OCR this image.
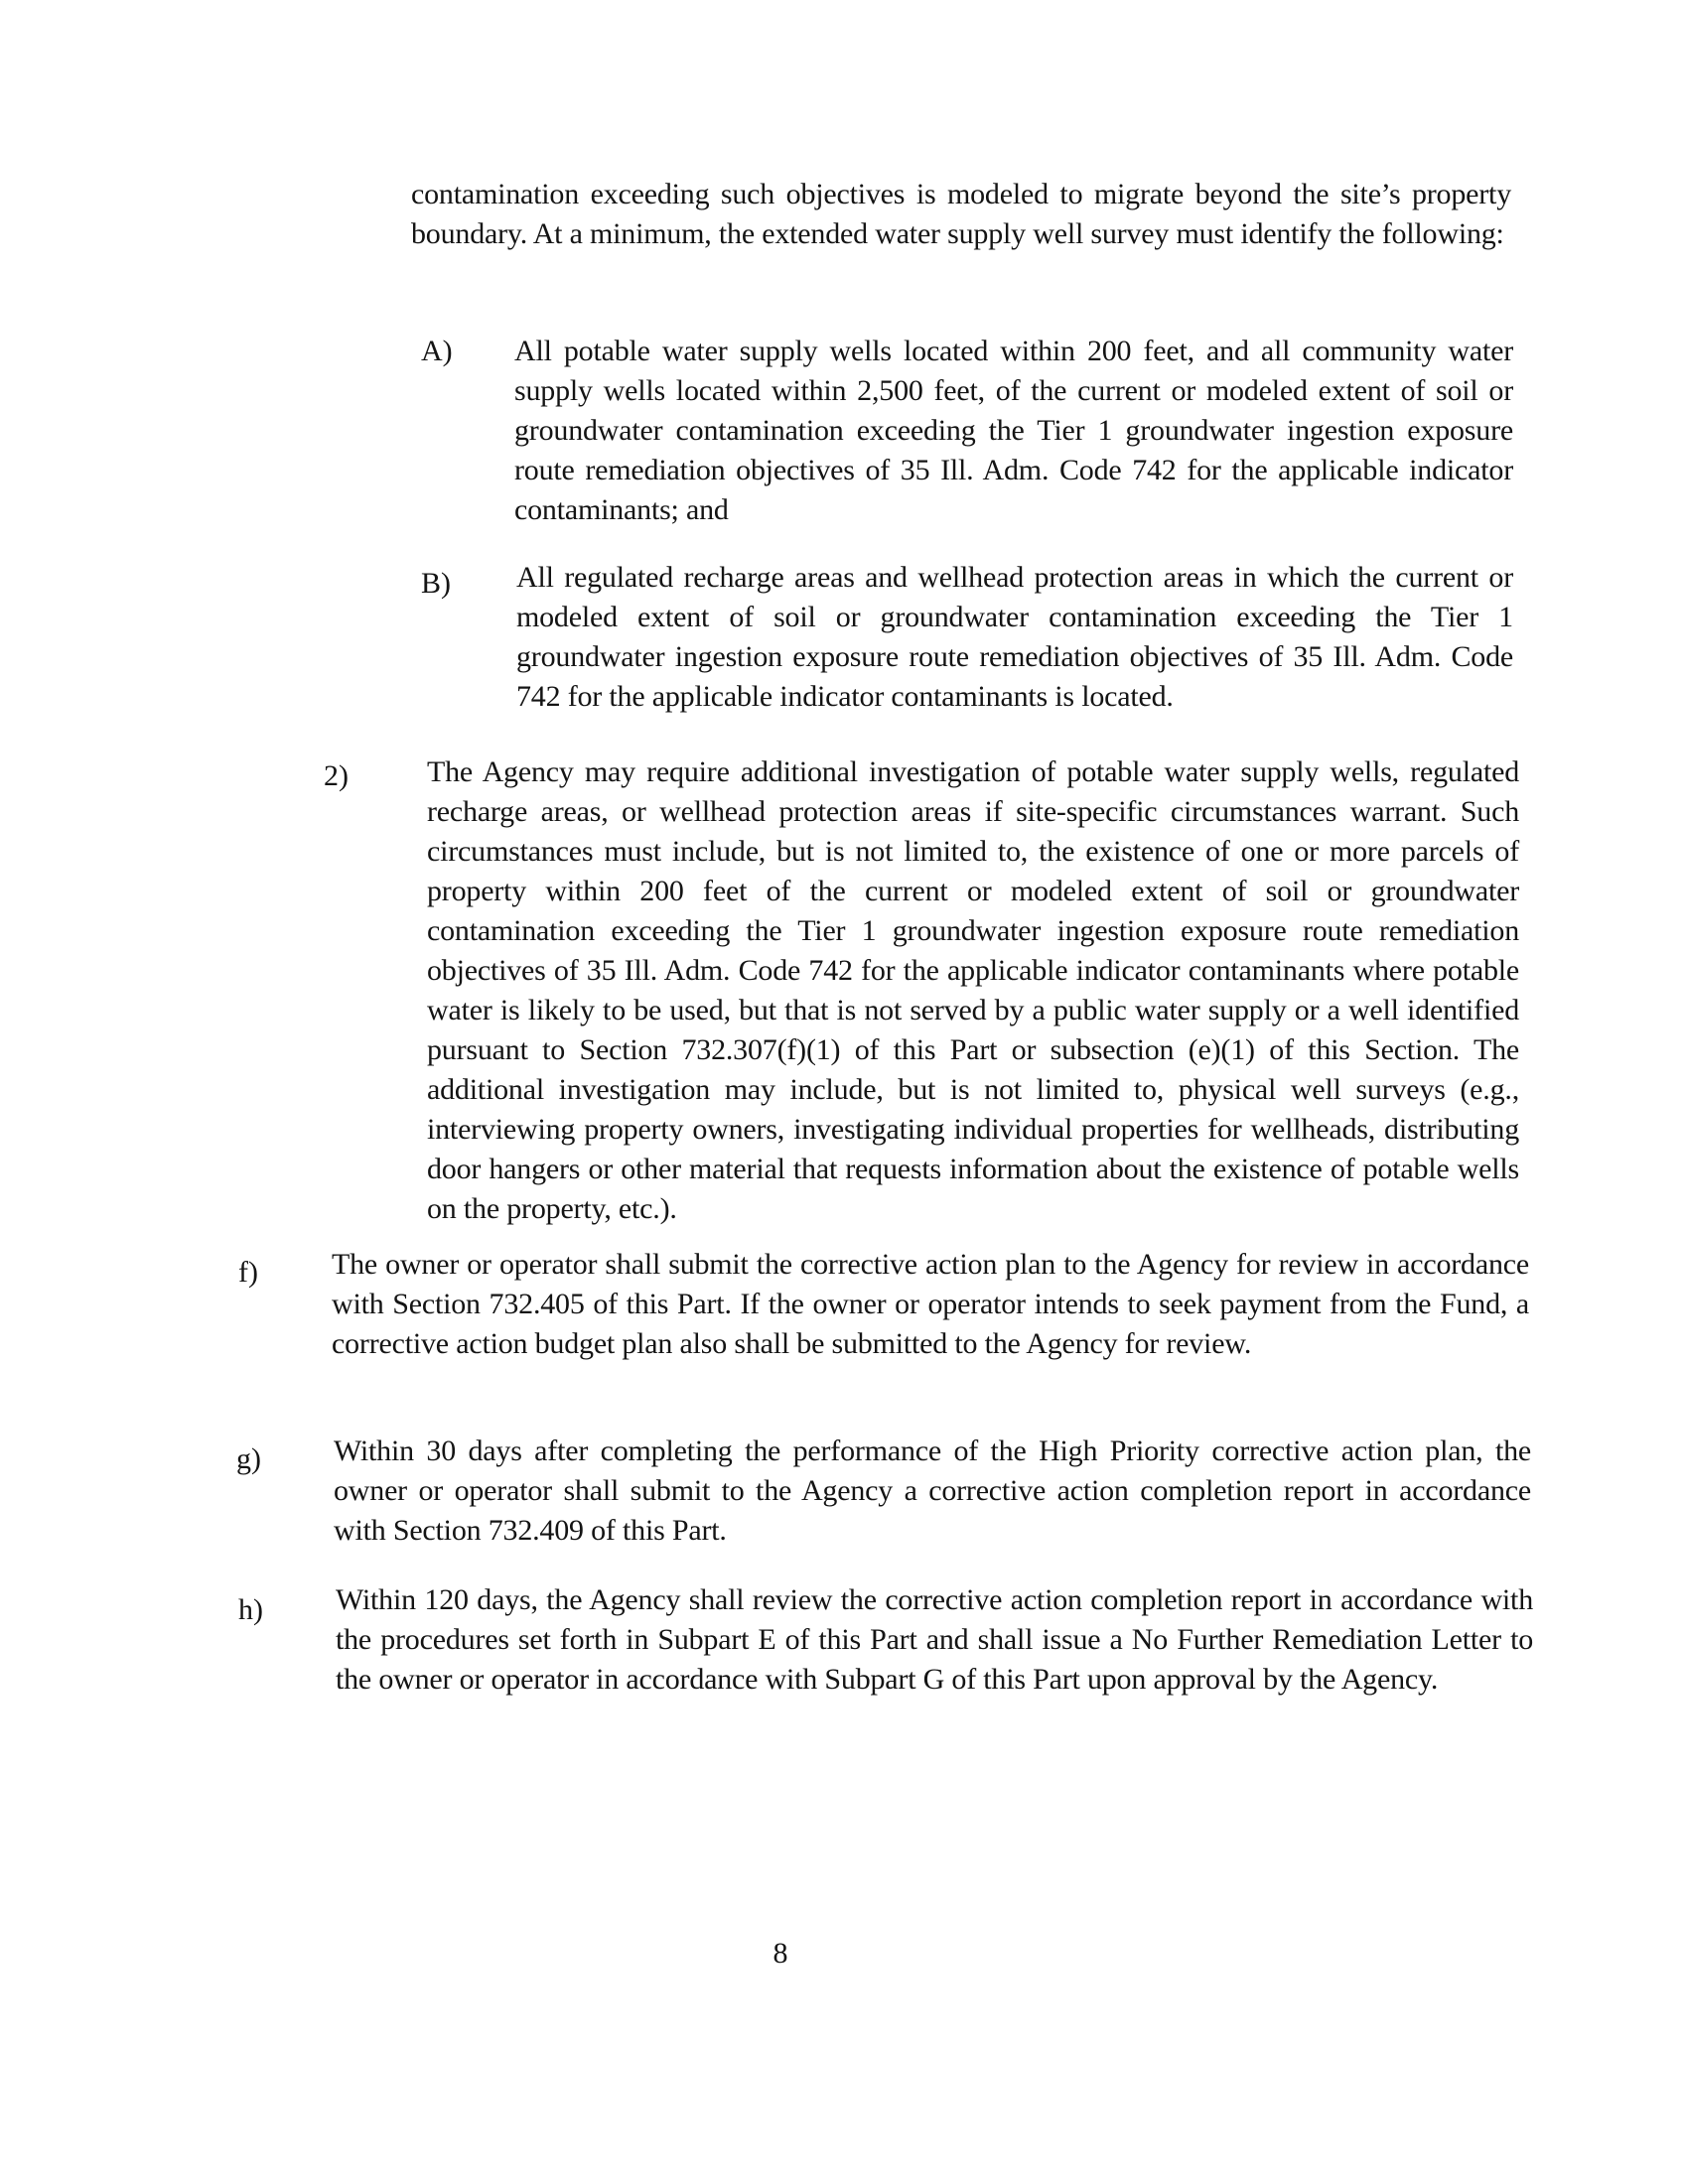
contamination exceeding such objectives is modeled to migrate beyond the site’s property boundary. At a minimum, the extended water supply well survey must identify the following:

A) All potable water supply wells located within 200 feet, and all community water supply wells located within 2,500 feet, of the current or modeled extent of soil or groundwater contamination exceeding the Tier 1 groundwater ingestion exposure route remediation objectives of 35 Ill. Adm. Code 742 for the applicable indicator contaminants; and

B) All regulated recharge areas and wellhead protection areas in which the current or modeled extent of soil or groundwater contamination exceeding the Tier 1 groundwater ingestion exposure route remediation objectives of 35 Ill. Adm. Code 742 for the applicable indicator contaminants is located.

2)	The Agency may require additional investigation of potable water supply wells, regulated recharge areas, or wellhead protection areas if site-specific circumstances warrant. Such circumstances must include, but is not limited to, the existence of one or more parcels of property within 200 feet of the current or modeled extent of soil or groundwater contamination exceeding the Tier 1 groundwater ingestion exposure route remediation objectives of 35 Ill. Adm. Code 742 for the applicable indicator contaminants where potable water is likely to be used, but that is not served by a public water supply or a well identified pursuant to Section 732.307(f)(1) of this Part or subsection (e)(1) of this Section. The additional investigation may include, but is not limited to, physical well surveys (e.g., interviewing property owners, investigating individual properties for wellheads, distributing door hangers or other material that requests information about the existence of potable wells on the property, etc.).

f) The owner or operator shall submit the corrective action plan to the Agency for review in accordance with Section 732.405 of this Part. If the owner or operator intends to seek payment from the Fund, a corrective action budget plan also shall be submitted to the Agency for review.

g) Within 30 days after completing the performance of the High Priority corrective action plan, the owner or operator shall submit to the Agency a corrective action completion report in accordance with Section 732.409 of this Part.

h) Within 120 days, the Agency shall review the corrective action completion report in accordance with the procedures set forth in Subpart E of this Part and shall issue a No Further Remediation Letter to the owner or operator in accordance with Subpart G of this Part upon approval by the Agency.

8
